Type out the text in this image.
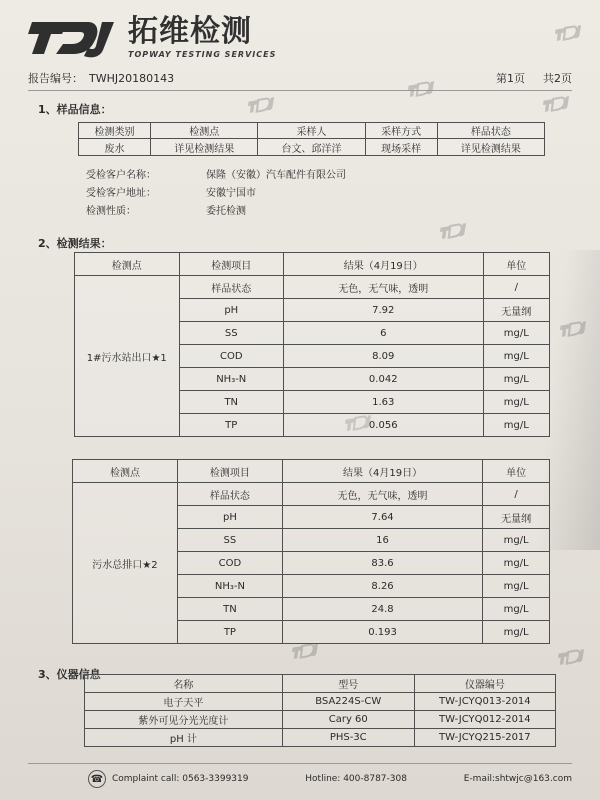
拓维检测
TOPWAY TESTING SERVICES
报告编号： TWHJ20180143	第1页 共2页
1、样品信息：
检测类别	检测点	采样人	采样方式	样品状态
废水	详见检测结果	台文、邱洋洋	现场采样	详见检测结果
受检客户名称：	保隆（安徽）汽车配件有限公司
受检客户地址：	安徽宁国市
检测性质：	委托检测
2、检测结果：
检测点	检测项目	结果（4月19日）	单位
1#污水站出口★1	样品状态	无色，无气味，透明	/
	pH	7.92	无量纲
	SS	6	mg/L
	COD	8.09	mg/L
	NH₃-N	0.042	mg/L
	TN	1.63	mg/L
	TP	0.056	mg/L
检测点	检测项目	结果（4月19日）	单位
污水总排口★2	样品状态	无色，无气味，透明	/
	pH	7.64	无量纲
	SS	16	mg/L
	COD	83.6	mg/L
	NH₃-N	8.26	mg/L
	TN	24.8	mg/L
	TP	0.193	mg/L
3、仪器信息
名称	型号	仪器编号
电子天平	BSA224S-CW	TW-JCYQ013-2014
紫外可见分光光度计	Cary 60	TW-JCYQ012-2014
pH 计	PHS-3C	TW-JCYQ215-2017
☎ Complaint call: 0563-3399319	Hotline: 400-8787-308	E-mail:shtwjc@163.com
